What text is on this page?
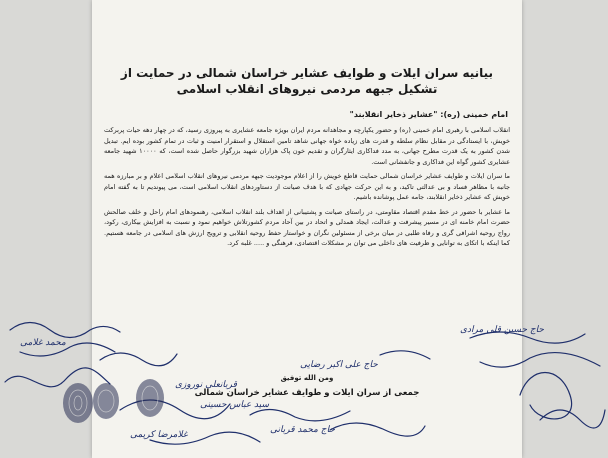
بیانیه سران ایلات و طوایف عشایر خراسان شمالی در حمایت از
تشکیل جبهه مردمی نیروهای انقلاب اسلامی
امام خمینی (ره): "عشایر ذخایر انقلابند"

انقلاب اسلامی با رهبری امام خمینی (ره) و حضور یکپارچه و مجاهدانه مردم ایران بویژه جامعه عشایری به پیروزی رسید، که در چهار دهه حیات پربرکت خویش، با ایستادگی در مقابل نظام سلطه و قدرت های زیاده خواه جهانی شاهد تامین استقلال و استقرار امنیت و ثبات در تمام کشور بوده ایم. تبدیل شدن کشور به یک قدرت مطرح جهانی، به مدد فداکاری ایثارگران و تقدیم خون پاک هزاران شهید بزرگوار حاصل شده است، که ۱۰۰۰۰ شهید جامعه عشایری کشور گواه این فداکاری و جانفشانی است.

ما سران ایلات و طوایف عشایر خراسان شمالی حمایت قاطع خویش را از اعلام موجودیت جبهه مردمی نیروهای انقلاب اسلامی اعلام و بر مبارزه همه جانبه با مظاهر فساد و بی عدالتی تاکید، و به این حرکت جهادی که با هدف صیانت از دستاوردهای انقلاب اسلامی است، می پیوندیم تا به گفته امام خویش که عشایر ذخایر انقلابند، جامه عمل پوشانده باشیم.

ما عشایر با حضور در خط مقدم اقتصاد مقاومتی، در راستای صیانت و پشتیبانی از اهداف بلند انقلاب اسلامی، رهنمودهای امام راحل و خلف صالحش حضرت امام خامنه ای در مسیر پیشرفت و عدالت، ایجاد همدلی و اتحاد در بین آحاد مردم کشورتلاش خواهیم نمود و نسبت به افزایش بیکاری، رکود، رواج روحیه اشرافی گری و رفاه طلبی در میان برخی از مسئولین نگران و خواستار حفظ روحیه انقلابی و ترویج ارزش های اسلامی در جامعه هستیم. کما اینکه با اتکای به توانایی و ظرفیت های داخلی می توان بر مشکلات اقتصادی، فرهنگی و ..... غلبه کرد.

ومن الله توفیق
جمعی از سران ایلات و طوایف عشایر خراسان شمالی
حاج حسین قلی مرادی
محمد غلامی
حاج علی اکبر رضایی
قربانعلی نوروزی
سید عباس حسینی
حاج محمد قربانی
غلامرضا کریمی
